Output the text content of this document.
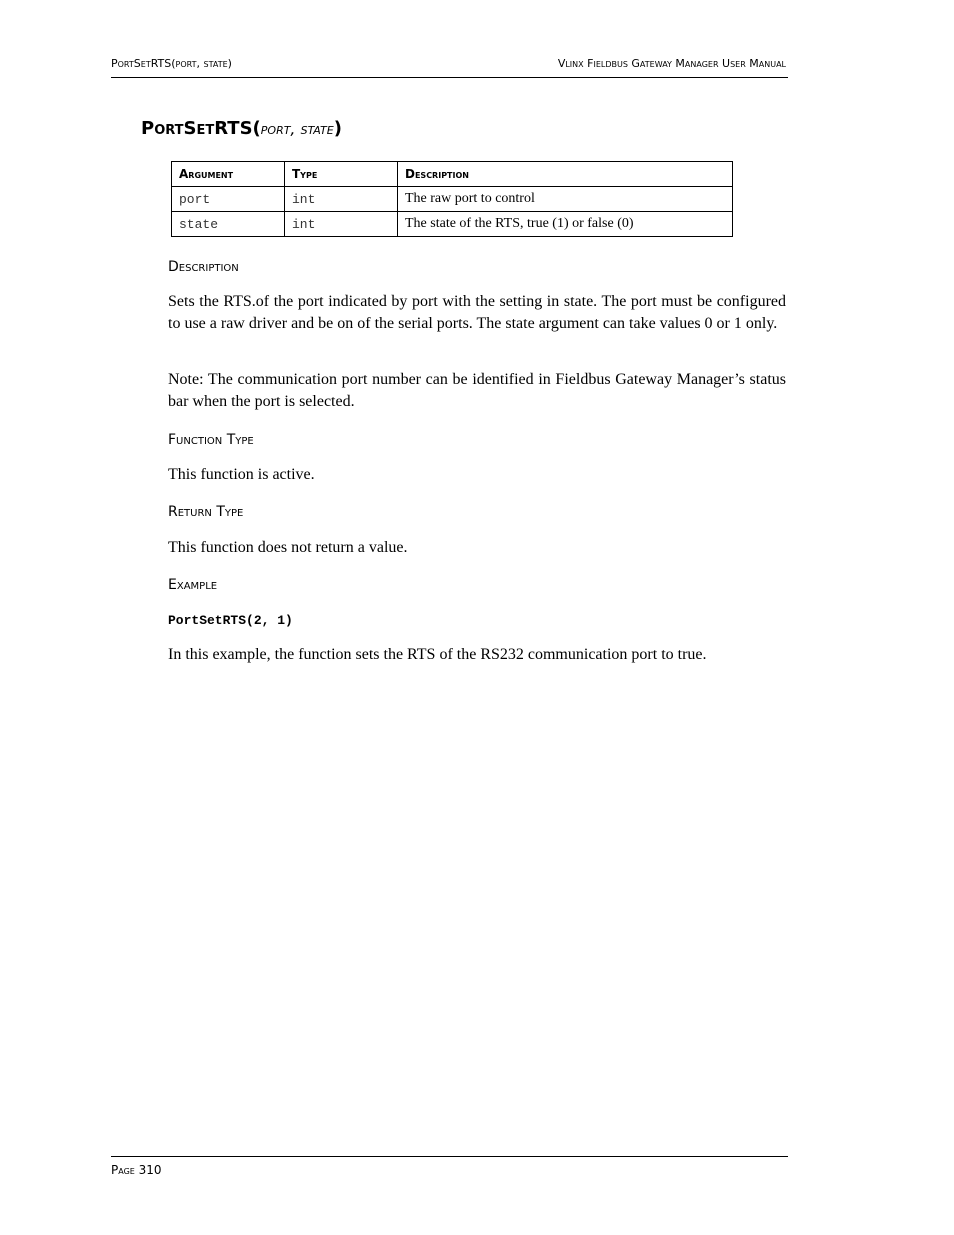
PortSetRTS(port, state)	Vlinx Fieldbus Gateway Manager User Manual
PortSetRTS(port, state)
Argument	Type	Description
port	int	The raw port to control
state	int	The state of the RTS, true (1) or false (0)
Description
Sets the RTS.of the port indicated by port with the setting in state. The port must be configured to use a raw driver and be on of the serial ports. The state argument can take values 0 or 1 only.
Note: The communication port number can be identified in Fieldbus Gateway Manager’s status bar when the port is selected.
Function Type
This function is active.
Return Type
This function does not return a value.
Example
PortSetRTS(2, 1)
In this example, the function sets the RTS of the RS232 communication port to true.
Page 310
